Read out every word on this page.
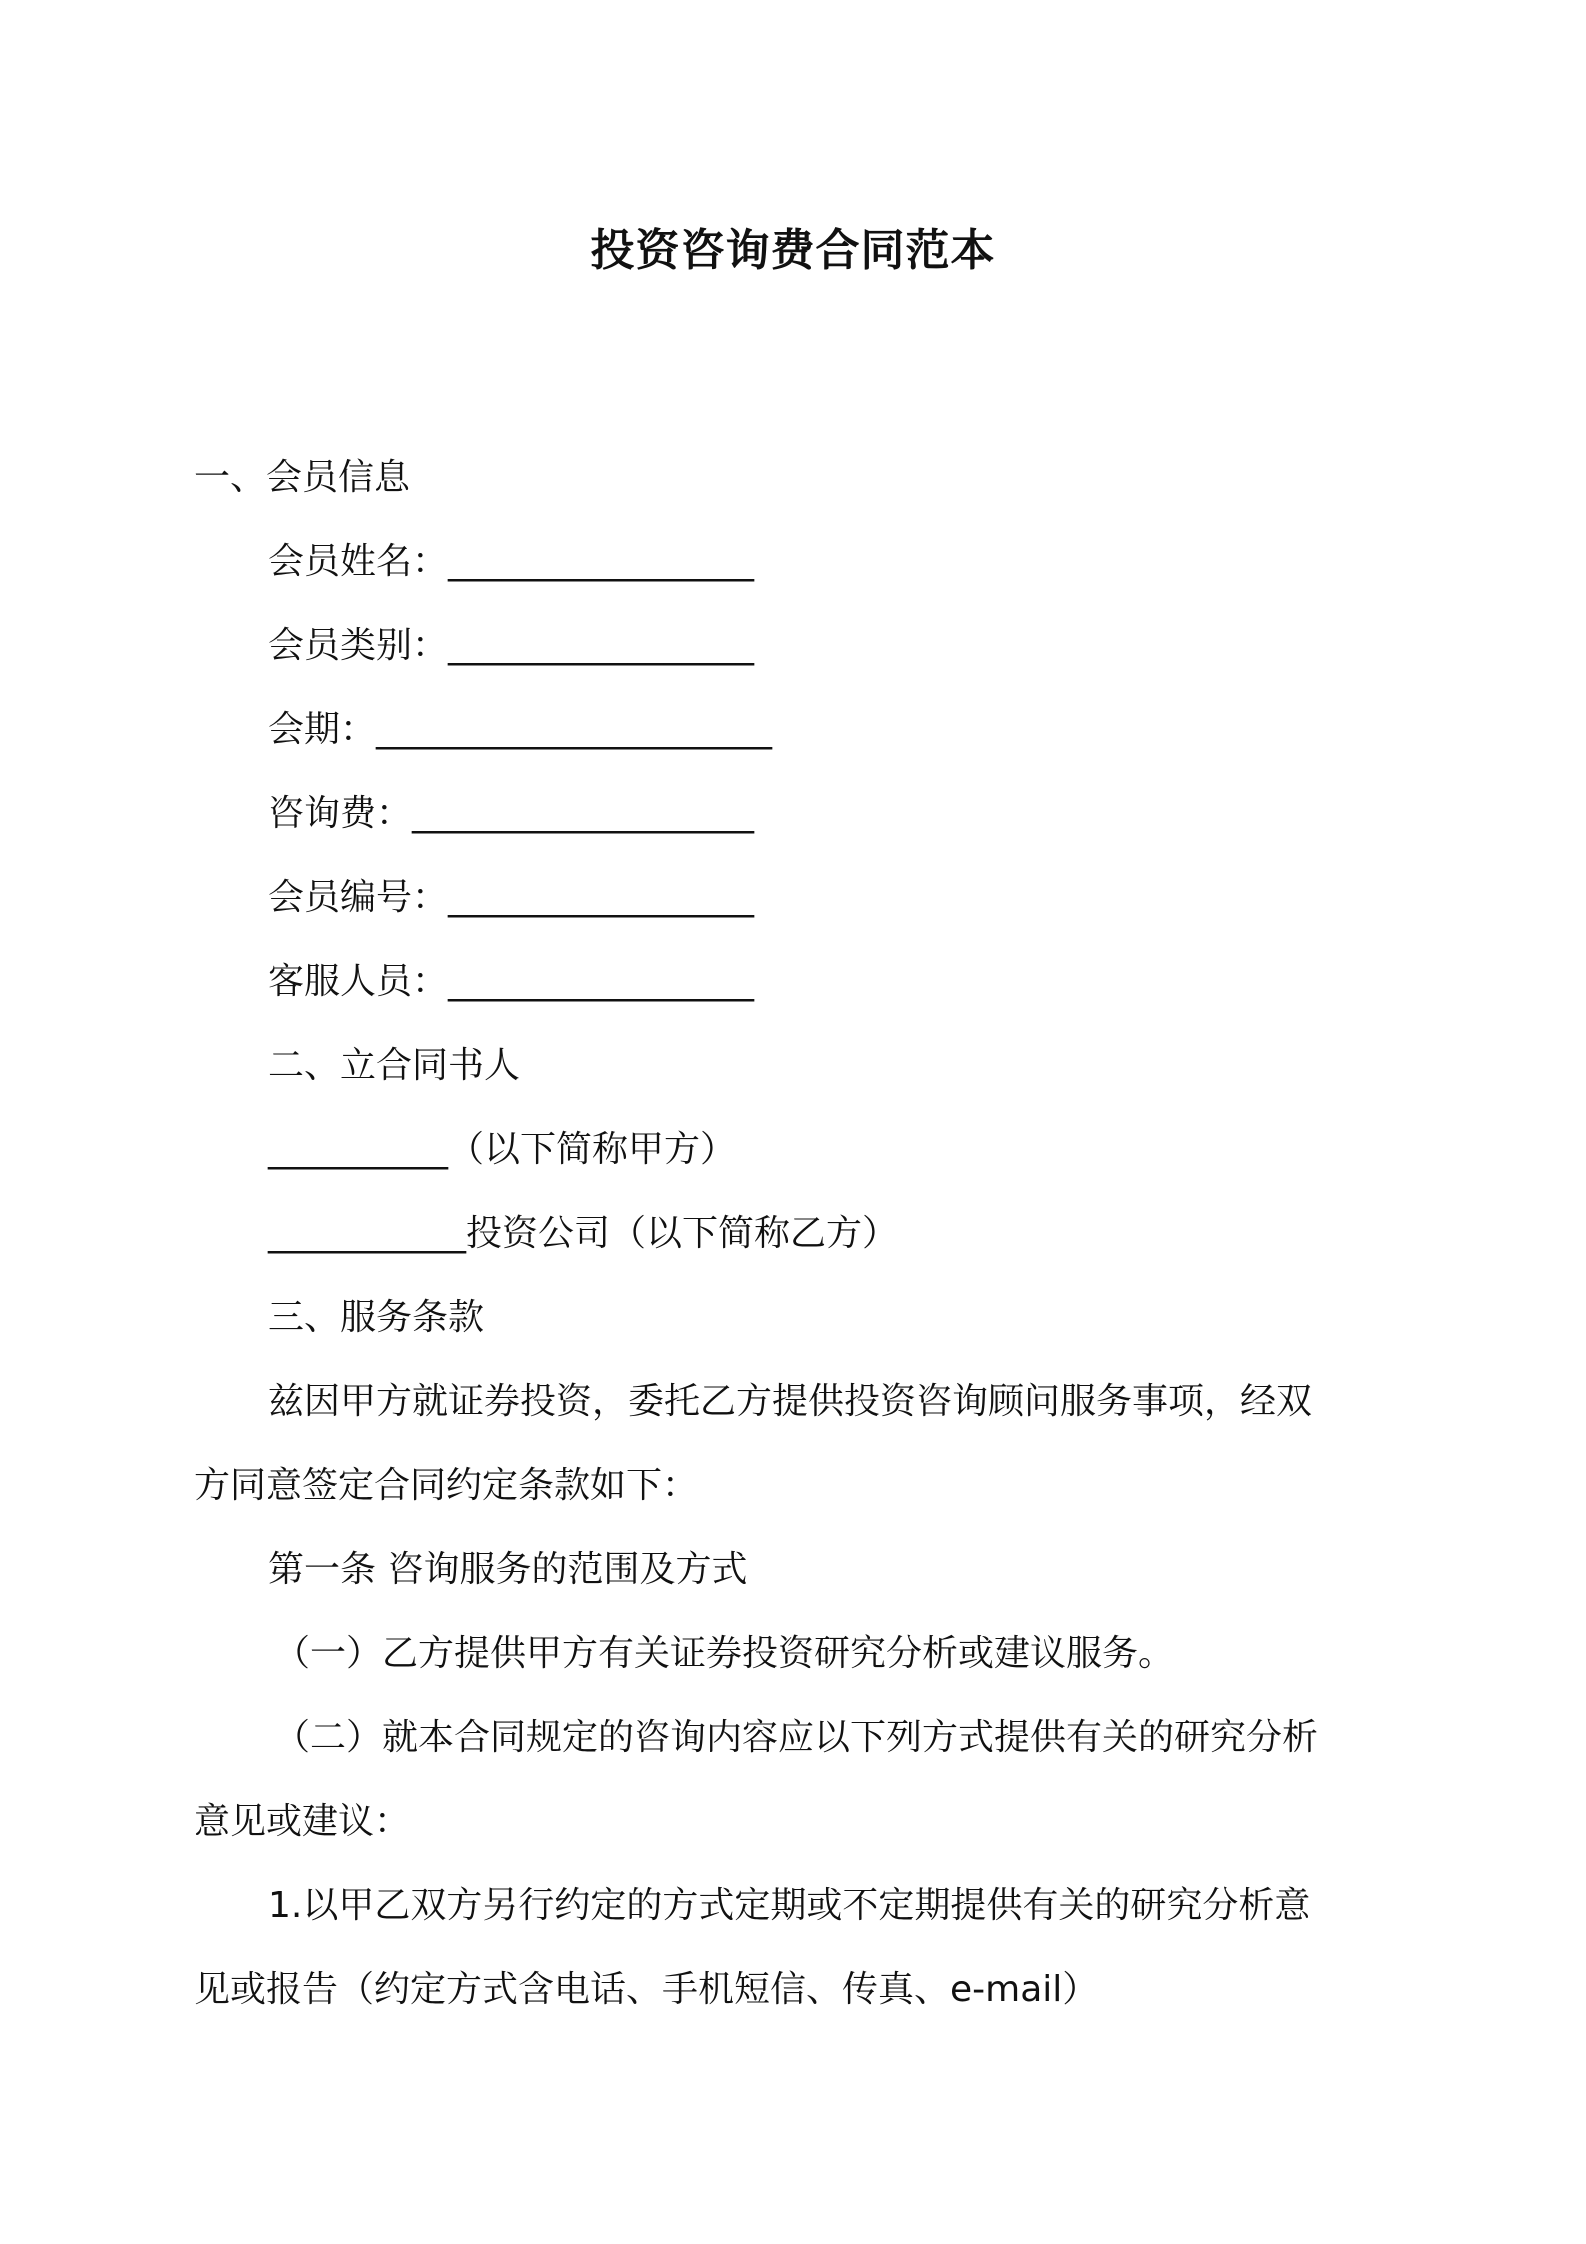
投资咨询费合同范本
一、会员信息
会员姓名：_________________
会员类别：_________________
会期：______________________
咨询费：___________________
会员编号：_________________
客服人员：_________________
二、立合同书人
__________（以下简称甲方）
___________投资公司（以下简称乙方）
三、服务条款
兹因甲方就证券投资，委托乙方提供投资咨询顾问服务事项，经双
方同意签定合同约定条款如下：
第一条 咨询服务的范围及方式
（一）乙方提供甲方有关证券投资研究分析或建议服务。
（二）就本合同规定的咨询内容应以下列方式提供有关的研究分析
意见或建议：
1.以甲乙双方另行约定的方式定期或不定期提供有关的研究分析意
见或报告（约定方式含电话、手机短信、传真、e-mail）
